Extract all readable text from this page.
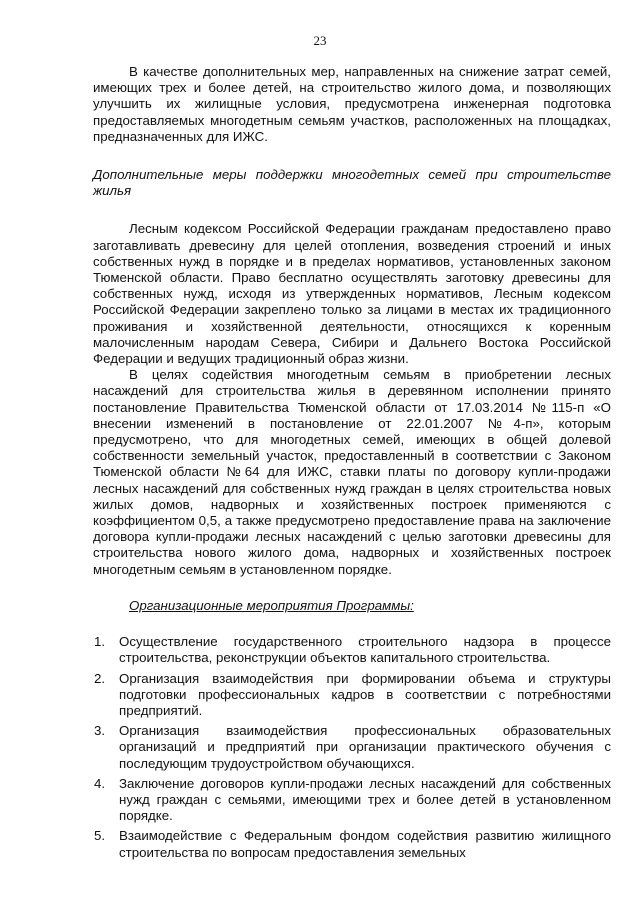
23

В качестве дополнительных мер, направленных на снижение затрат семей, имеющих трех и более детей, на строительство жилого дома, и позволяющих улучшить их жилищные условия, предусмотрена инженерная подготовка предоставляемых многодетным семьям участков, расположенных на площадках, предназначенных для ИЖС.

Дополнительные меры поддержки многодетных семей при строительстве жилья

Лесным кодексом Российской Федерации гражданам предоставлено право заготавливать древесину для целей отопления, возведения строений и иных собственных нужд в порядке и в пределах нормативов, установленных законом Тюменской области. Право бесплатно осуществлять заготовку древесины для собственных нужд, исходя из утвержденных нормативов, Лесным кодексом Российской Федерации закреплено только за лицами в местах их традиционного проживания и хозяйственной деятельности, относящихся к коренным малочисленным народам Севера, Сибири и Дальнего Востока Российской Федерации и ведущих традиционный образ жизни.

В целях содействия многодетным семьям в приобретении лесных насаждений для строительства жилья в деревянном исполнении принято постановление Правительства Тюменской области от 17.03.2014 №115-п «О внесении изменений в постановление от 22.01.2007 №4-п», которым предусмотрено, что для многодетных семей, имеющих в общей долевой собственности земельный участок, предоставленный в соответствии с Законом Тюменской области №64 для ИЖС, ставки платы по договору купли-продажи лесных насаждений для собственных нужд граждан в целях строительства новых жилых домов, надворных и хозяйственных построек применяются с коэффициентом 0,5, а также предусмотрено предоставление права на заключение договора купли-продажи лесных насаждений с целью заготовки древесины для строительства нового жилого дома, надворных и хозяйственных построек многодетным семьям в установленном порядке.

Организационные мероприятия Программы:

1. Осуществление государственного строительного надзора в процессе строительства, реконструкции объектов капитального строительства.
2. Организация взаимодействия при формировании объема и структуры подготовки профессиональных кадров в соответствии с потребностями предприятий.
3. Организация взаимодействия профессиональных образовательных организаций и предприятий при организации практического обучения с последующим трудоустройством обучающихся.
4. Заключение договоров купли-продажи лесных насаждений для собственных нужд граждан с семьями, имеющими трех и более детей в установленном порядке.
5. Взаимодействие с Федеральным фондом содействия развитию жилищного строительства по вопросам предоставления земельных
